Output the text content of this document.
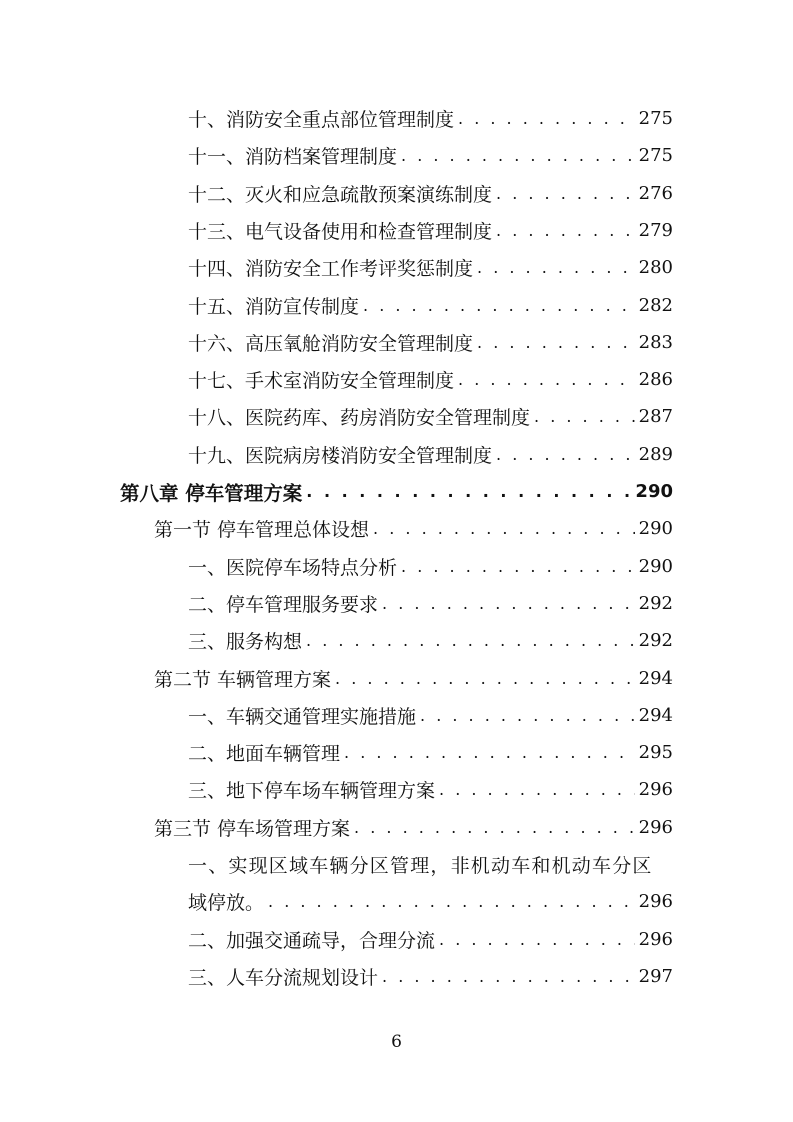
十、消防安全重点部位管理制度 . . .	275
十一、消防档案管理制度 . . .	275
十二、灭火和应急疏散预案演练制度 . . .	276
十三、电气设备使用和检查管理制度 . . .	279
十四、消防安全工作考评奖惩制度 . . .	280
十五、消防宣传制度 . . .	282
十六、高压氧舱消防安全管理制度 . . .	283
十七、手术室消防安全管理制度 . . .	286
十八、医院药库、药房消防安全管理制度 . . .	287
十九、医院病房楼消防安全管理制度 . . .	289
第八章 停车管理方案 . . .	290
第一节 停车管理总体设想 . . .	290
一、医院停车场特点分析 . . .	290
二、停车管理服务要求 . . .	292
三、服务构想 . . .	292
第二节 车辆管理方案 . . .	294
一、车辆交通管理实施措施 . . .	294
二、地面车辆管理 . . .	295
三、地下停车场车辆管理方案 . . .	296
第三节 停车场管理方案 . . .	296
一、实现区域车辆分区管理，非机动车和机动车分区
域停放。 . . .	296
二、加强交通疏导，合理分流 . . .	296
三、人车分流规划设计 . . .	297
6
